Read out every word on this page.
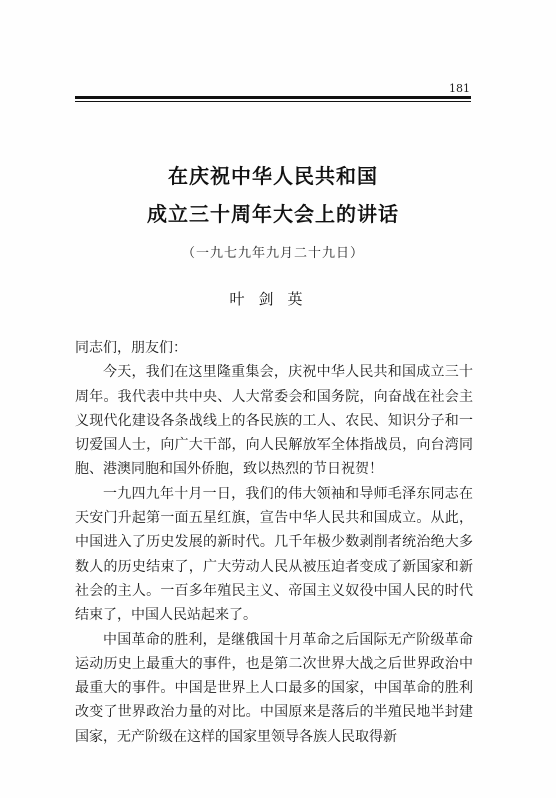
181
在庆祝中华人民共和国
成立三十周年大会上的讲话
（一九七九年九月二十九日）
叶剑英

同志们，朋友们：

今天，我们在这里隆重集会，庆祝中华人民共和国成立三十周年。我代表中共中央、人大常委会和国务院，向奋战在社会主义现代化建设各条战线上的各民族的工人、农民、知识分子和一切爱国人士，向广大干部，向人民解放军全体指战员，向台湾同胞、港澳同胞和国外侨胞，致以热烈的节日祝贺！

一九四九年十月一日，我们的伟大领袖和导师毛泽东同志在天安门升起第一面五星红旗，宣告中华人民共和国成立。从此，中国进入了历史发展的新时代。几千年极少数剥削者统治绝大多数人的历史结束了，广大劳动人民从被压迫者变成了新国家和新社会的主人。一百多年殖民主义、帝国主义奴役中国人民的时代结束了，中国人民站起来了。

中国革命的胜利，是继俄国十月革命之后国际无产阶级革命运动历史上最重大的事件，也是第二次世界大战之后世界政治中最重大的事件。中国是世界上人口最多的国家，中国革命的胜利改变了世界政治力量的对比。中国原来是落后的半殖民地半封建国家，无产阶级在这样的国家里领导各族人民取得新
